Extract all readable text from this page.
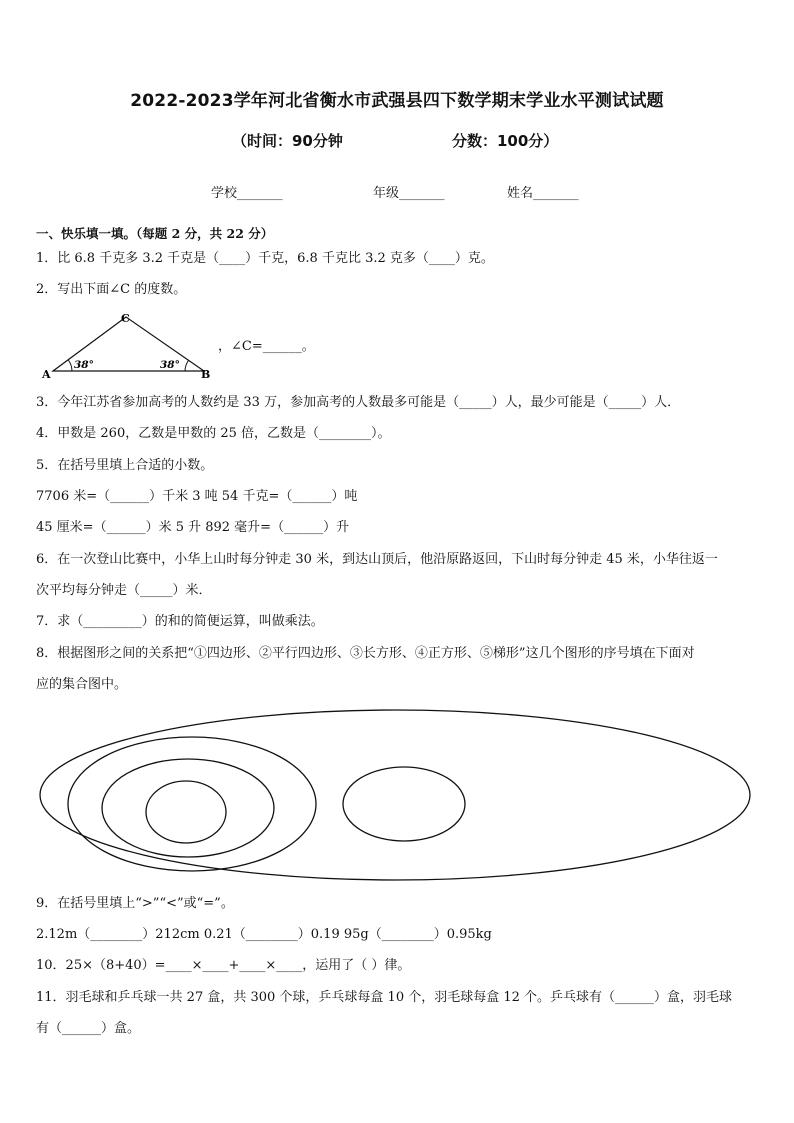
2022-2023学年河北省衡水市武强县四下数学期末学业水平测试试题
（时间：90分钟	分数：100分）
学校_______	年级_______	姓名_______
一、快乐填一填。（每题 2 分，共 22 分）
1．比 6.8 千克多 3.2 千克是（____）千克，6.8 千克比 3.2 克多（____）克。
2．写出下面∠C 的度数。
C
A	B
38°	38°
，∠C=______。
3．今年江苏省参加高考的人数约是 33 万，参加高考的人数最多可能是（_____）人，最少可能是（_____）人．
4．甲数是 260，乙数是甲数的 25 倍，乙数是（________）。
5．在括号里填上合适的小数。
7706 米=（______）千米 3 吨 54 千克=（______）吨
45 厘米=（______）米 5 升 892 毫升=（______）升
6．在一次登山比赛中，小华上山时每分钟走 30 米，到达山顶后，他沿原路返回，下山时每分钟走 45 米，小华往返一
次平均每分钟走（_____）米．
7．求（_________）的和的简便运算，叫做乘法。
8．根据图形之间的关系把“①四边形、②平行四边形、③长方形、④正方形、⑤梯形”这几个图形的序号填在下面对
应的集合图中。
9．在括号里填上“>”“<”或“=”。
2.12m（________）212cm 0.21（________）0.19 95g（________）0.95kg
10．25×（8+40）=____×____+____×____，运用了（ ）律。
11．羽毛球和乒乓球一共 27 盒，共 300 个球，乒乓球每盒 10 个，羽毛球每盒 12 个。乒乓球有（______）盒，羽毛球
有（______）盒。
